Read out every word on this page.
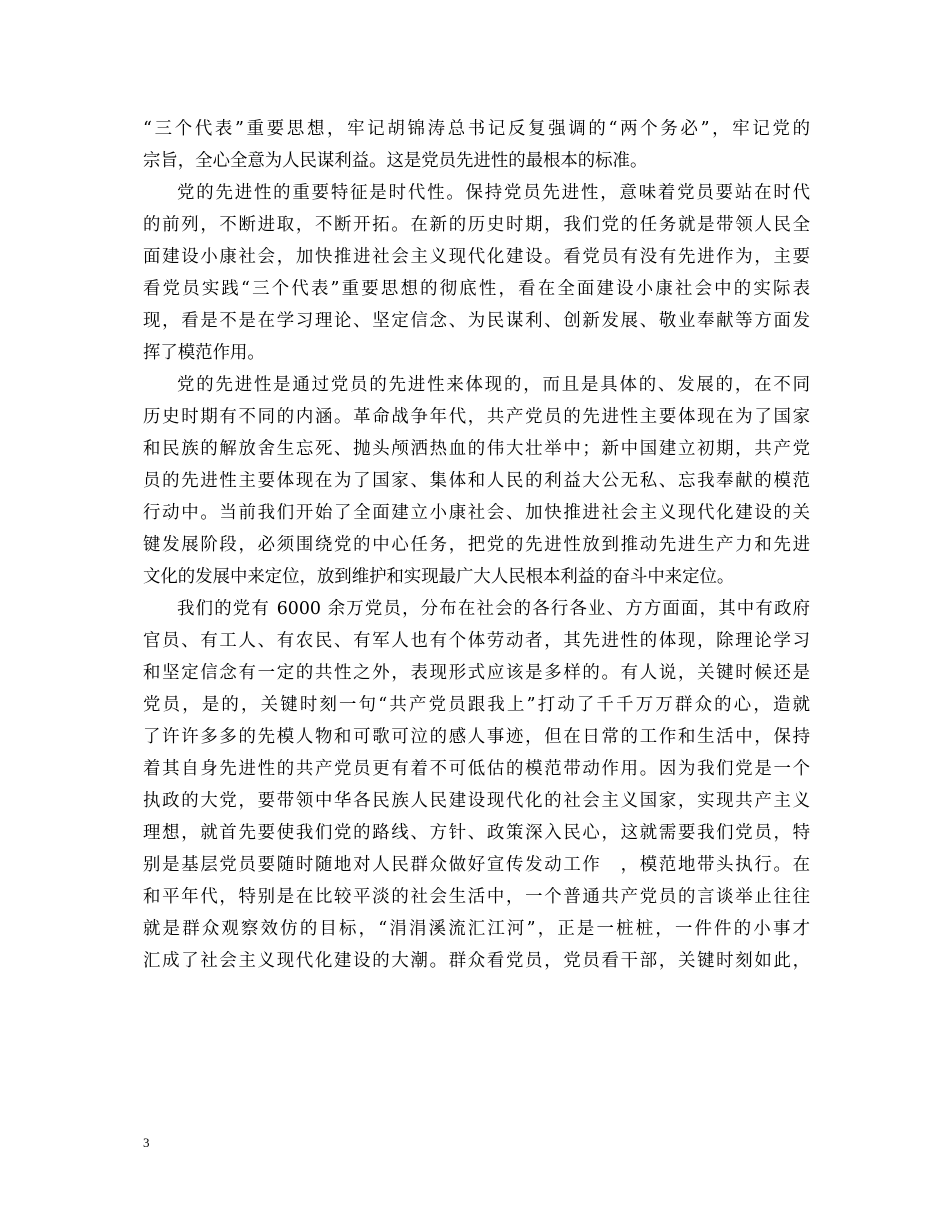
“三个代表”重要思想，牢记胡锦涛总书记反复强调的“两个务必”，牢记党的
宗旨，全心全意为人民谋利益。这是党员先进性的最根本的标准。
党的先进性的重要特征是时代性。保持党员先进性，意味着党员要站在时代
的前列，不断进取，不断开拓。在新的历史时期，我们党的任务就是带领人民全
面建设小康社会，加快推进社会主义现代化建设。看党员有没有先进作为，主要
看党员实践“三个代表”重要思想的彻底性，看在全面建设小康社会中的实际表
现，看是不是在学习理论、坚定信念、为民谋利、创新发展、敬业奉献等方面发
挥了模范作用。
党的先进性是通过党员的先进性来体现的，而且是具体的、发展的，在不同
历史时期有不同的内涵。革命战争年代，共产党员的先进性主要体现在为了国家
和民族的解放舍生忘死、抛头颅洒热血的伟大壮举中；新中国建立初期，共产党
员的先进性主要体现在为了国家、集体和人民的利益大公无私、忘我奉献的模范
行动中。当前我们开始了全面建立小康社会、加快推进社会主义现代化建设的关
键发展阶段，必须围绕党的中心任务，把党的先进性放到推动先进生产力和先进
文化的发展中来定位，放到维护和实现最广大人民根本利益的奋斗中来定位。
我们的党有 6000 余万党员，分布在社会的各行各业、方方面面，其中有政府
官员、有工人、有农民、有军人也有个体劳动者，其先进性的体现，除理论学习
和坚定信念有一定的共性之外，表现形式应该是多样的。有人说，关键时候还是
党员，是的，关键时刻一句“共产党员跟我上”打动了千千万万群众的心，造就
了许许多多的先模人物和可歌可泣的感人事迹，但在日常的工作和生活中，保持
着其自身先进性的共产党员更有着不可低估的模范带动作用。因为我们党是一个
执政的大党，要带领中华各民族人民建设现代化的社会主义国家，实现共产主义
理想，就首先要使我们党的路线、方针、政策深入民心，这就需要我们党员，特
别是基层党员要随时随地对人民群众做好宣传发动工作　，模范地带头执行。在
和平年代，特别是在比较平淡的社会生活中，一个普通共产党员的言谈举止往往
就是群众观察效仿的目标，“涓涓溪流汇江河”，正是一桩桩，一件件的小事才
汇成了社会主义现代化建设的大潮。群众看党员，党员看干部，关键时刻如此，
3
